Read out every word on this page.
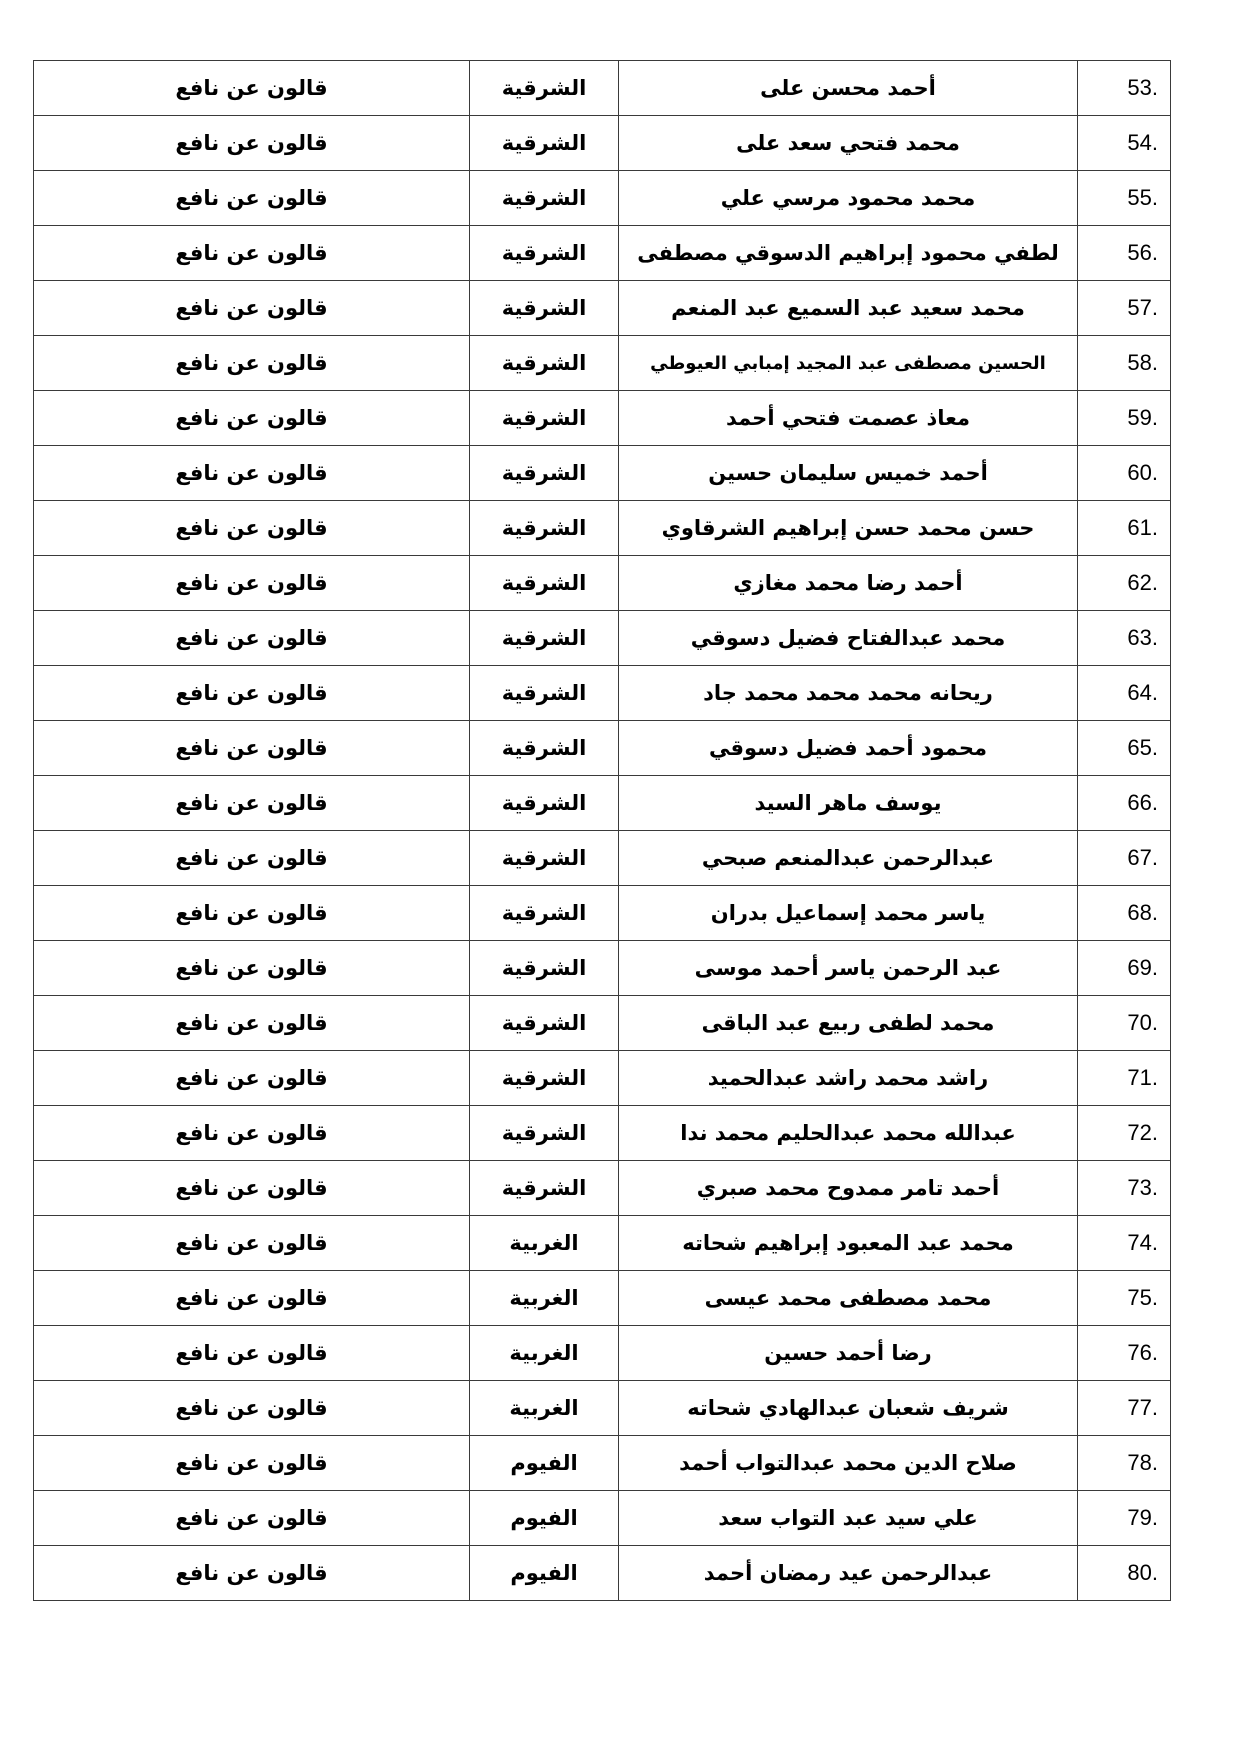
53.	أحمد محسن على	الشرقية	قالون عن نافع
54.	محمد فتحي سعد على	الشرقية	قالون عن نافع
55.	محمد محمود مرسي علي	الشرقية	قالون عن نافع
56.	لطفي محمود إبراهيم الدسوقي مصطفى	الشرقية	قالون عن نافع
57.	محمد سعيد عبد السميع عبد المنعم	الشرقية	قالون عن نافع
58.	الحسين مصطفى عبد المجيد إمبابي العيوطي	الشرقية	قالون عن نافع
59.	معاذ عصمت فتحي أحمد	الشرقية	قالون عن نافع
60.	أحمد خميس سليمان حسين	الشرقية	قالون عن نافع
61.	حسن محمد حسن إبراهيم الشرقاوي	الشرقية	قالون عن نافع
62.	أحمد رضا محمد مغازي	الشرقية	قالون عن نافع
63.	محمد عبدالفتاح فضيل دسوقي	الشرقية	قالون عن نافع
64.	ريحانه محمد محمد محمد جاد	الشرقية	قالون عن نافع
65.	محمود أحمد فضيل دسوقي	الشرقية	قالون عن نافع
66.	يوسف ماهر السيد	الشرقية	قالون عن نافع
67.	عبدالرحمن عبدالمنعم صبحي	الشرقية	قالون عن نافع
68.	ياسر محمد إسماعيل بدران	الشرقية	قالون عن نافع
69.	عبد الرحمن ياسر أحمد موسى	الشرقية	قالون عن نافع
70.	محمد لطفى ربيع عبد الباقى	الشرقية	قالون عن نافع
71.	راشد محمد راشد عبدالحميد	الشرقية	قالون عن نافع
72.	عبدالله محمد عبدالحليم محمد ندا	الشرقية	قالون عن نافع
73.	أحمد تامر ممدوح محمد صبري	الشرقية	قالون عن نافع
74.	محمد عبد المعبود إبراهيم شحاته	الغربية	قالون عن نافع
75.	محمد مصطفى محمد عيسى	الغربية	قالون عن نافع
76.	رضا أحمد حسين	الغربية	قالون عن نافع
77.	شريف شعبان عبدالهادي شحاته	الغربية	قالون عن نافع
78.	صلاح الدين محمد عبدالتواب أحمد	الفيوم	قالون عن نافع
79.	علي سيد عبد التواب سعد	الفيوم	قالون عن نافع
80.	عبدالرحمن عيد رمضان أحمد	الفيوم	قالون عن نافع
